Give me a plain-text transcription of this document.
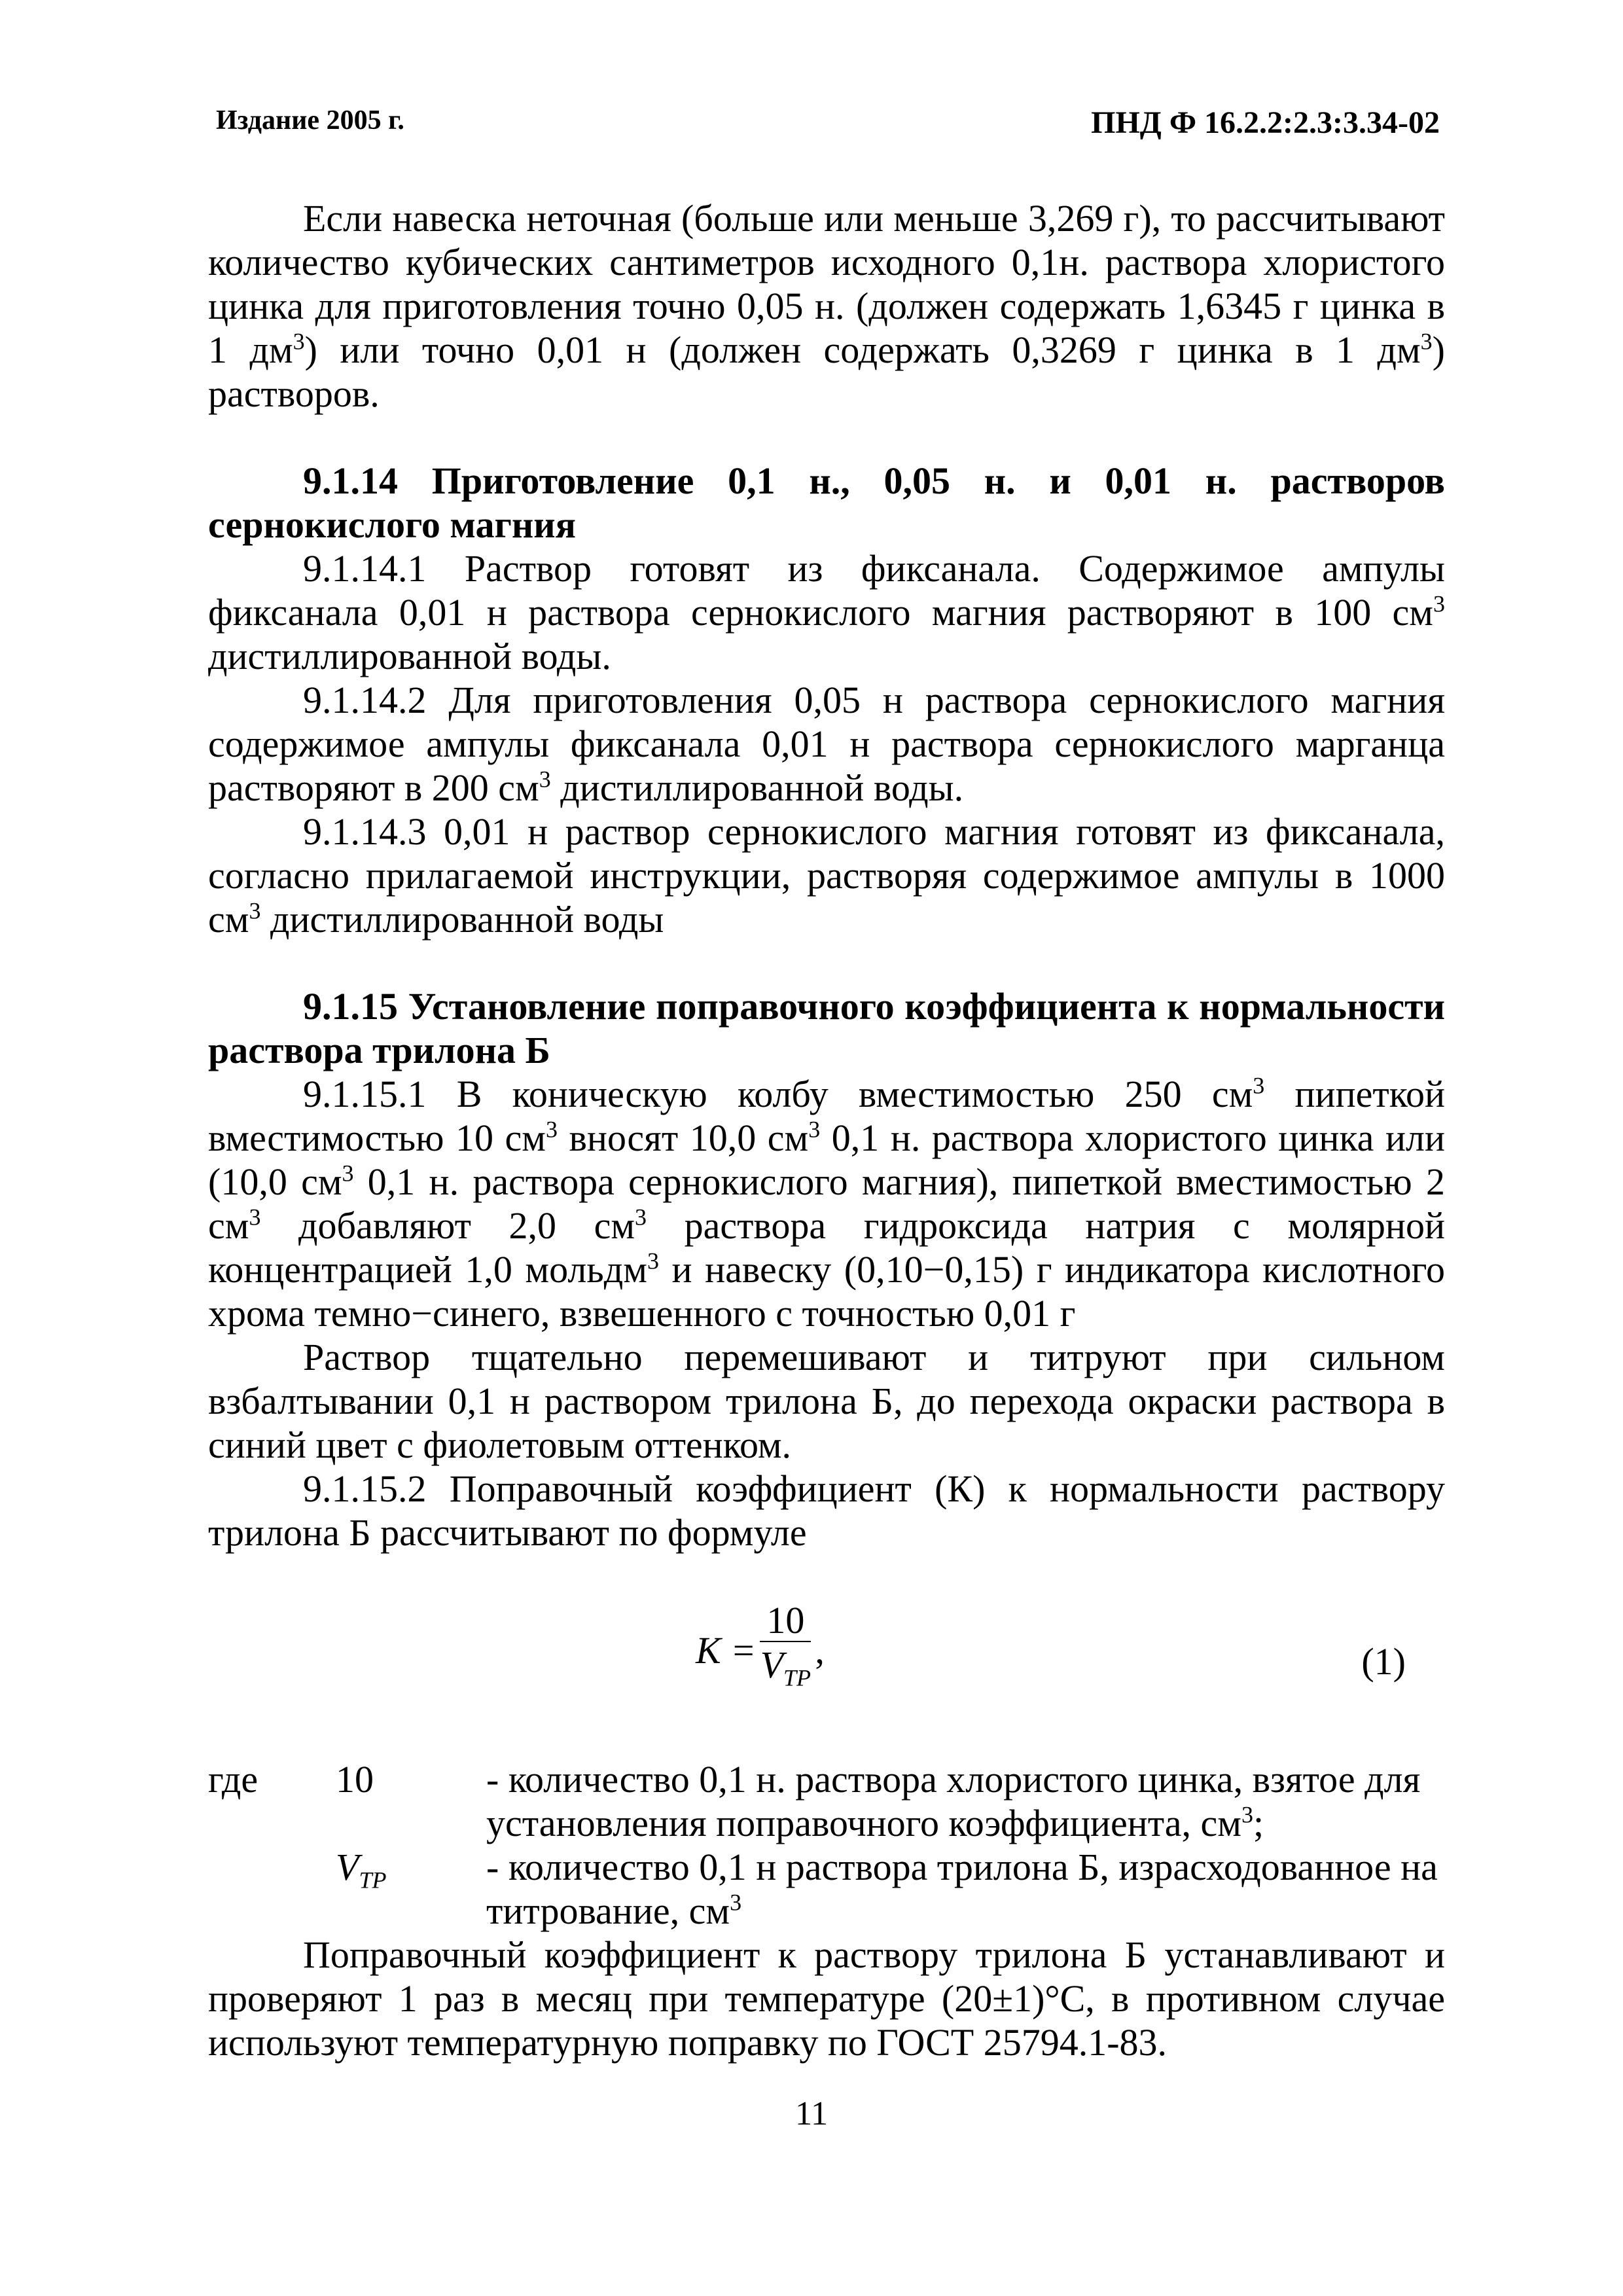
Издание 2005 г.	ПНД Ф 16.2.2:2.3:3.34-02

Если навеска неточная (больше или меньше 3,269 г), то рассчитывают количество кубических сантиметров исходного 0,1н. раствора хлористого цинка для приготовления точно 0,05 н. (должен содержать 1,6345 г цинка в 1 $дм^3$) или точно 0,01 н (должен содержать 0,3269 г цинка в 1 $дм^3$) растворов.

9.1.14 Приготовление 0,1 н., 0,05 н. и 0,01 н. растворов сернокислого магния

9.1.14.1 Раствор готовят из фиксанала. Содержимое ампулы фиксанала 0,01 н раствора сернокислого магния растворяют в 100 $см^3$ дистиллированной воды.

9.1.14.2 Для приготовления 0,05 н раствора сернокислого магния содержимое ампулы фиксанала 0,01 н раствора сернокислого марганца растворяют в 200 $см^3$ дистиллированной воды.

9.1.14.3 0,01 н раствор сернокислого магния готовят из фиксанала, согласно прилагаемой инструкции, растворяя содержимое ампулы в 1000 $см^3$ дистиллированной воды

9.1.15 Установление поправочного коэффициента к нормальности раствора трилона Б

9.1.15.1 В коническую колбу вместимостью 250 $см^3$ пипеткой вместимостью 10 $см^3$ вносят 10,0 $см^3$ 0,1 н. раствора хлористого цинка или (10,0 $см^3$ 0,1 н. раствора сернокислого магния), пипеткой вместимостью 2 $см^3$ добавляют 2,0 $см^3$ раствора гидроксида натрия с молярной концентрацией 1,0 мольдм$^3$ и навеску (0,10−0,15) г индикатора кислотного хрома темно−синего, взвешенного с точностью 0,01 г

Раствор тщательно перемешивают и титруют при сильном взбалтывании 0,1 н раствором трилона Б, до перехода окраски раствора в синий цвет с фиолетовым оттенком.

9.1.15.2 Поправочный коэффициент (К) к нормальности раствору трилона Б рассчитывают по формуле

$K = \frac{10}{V_{TP}}$ ,	(1)
где 10	- количество 0,1 н. раствора хлористого цинка, взятое для установления поправочного коэффициента, $см^3$;
$V_{TP}$	- количество 0,1 н раствора трилона Б, израсходованное на титрование, $см^3$

Поправочный коэффициент к раствору трилона Б устанавливают и проверяют 1 раз в месяц при температуре (20±1)°С, в противном случае используют температурную поправку по ГОСТ 25794.1-83.

11
